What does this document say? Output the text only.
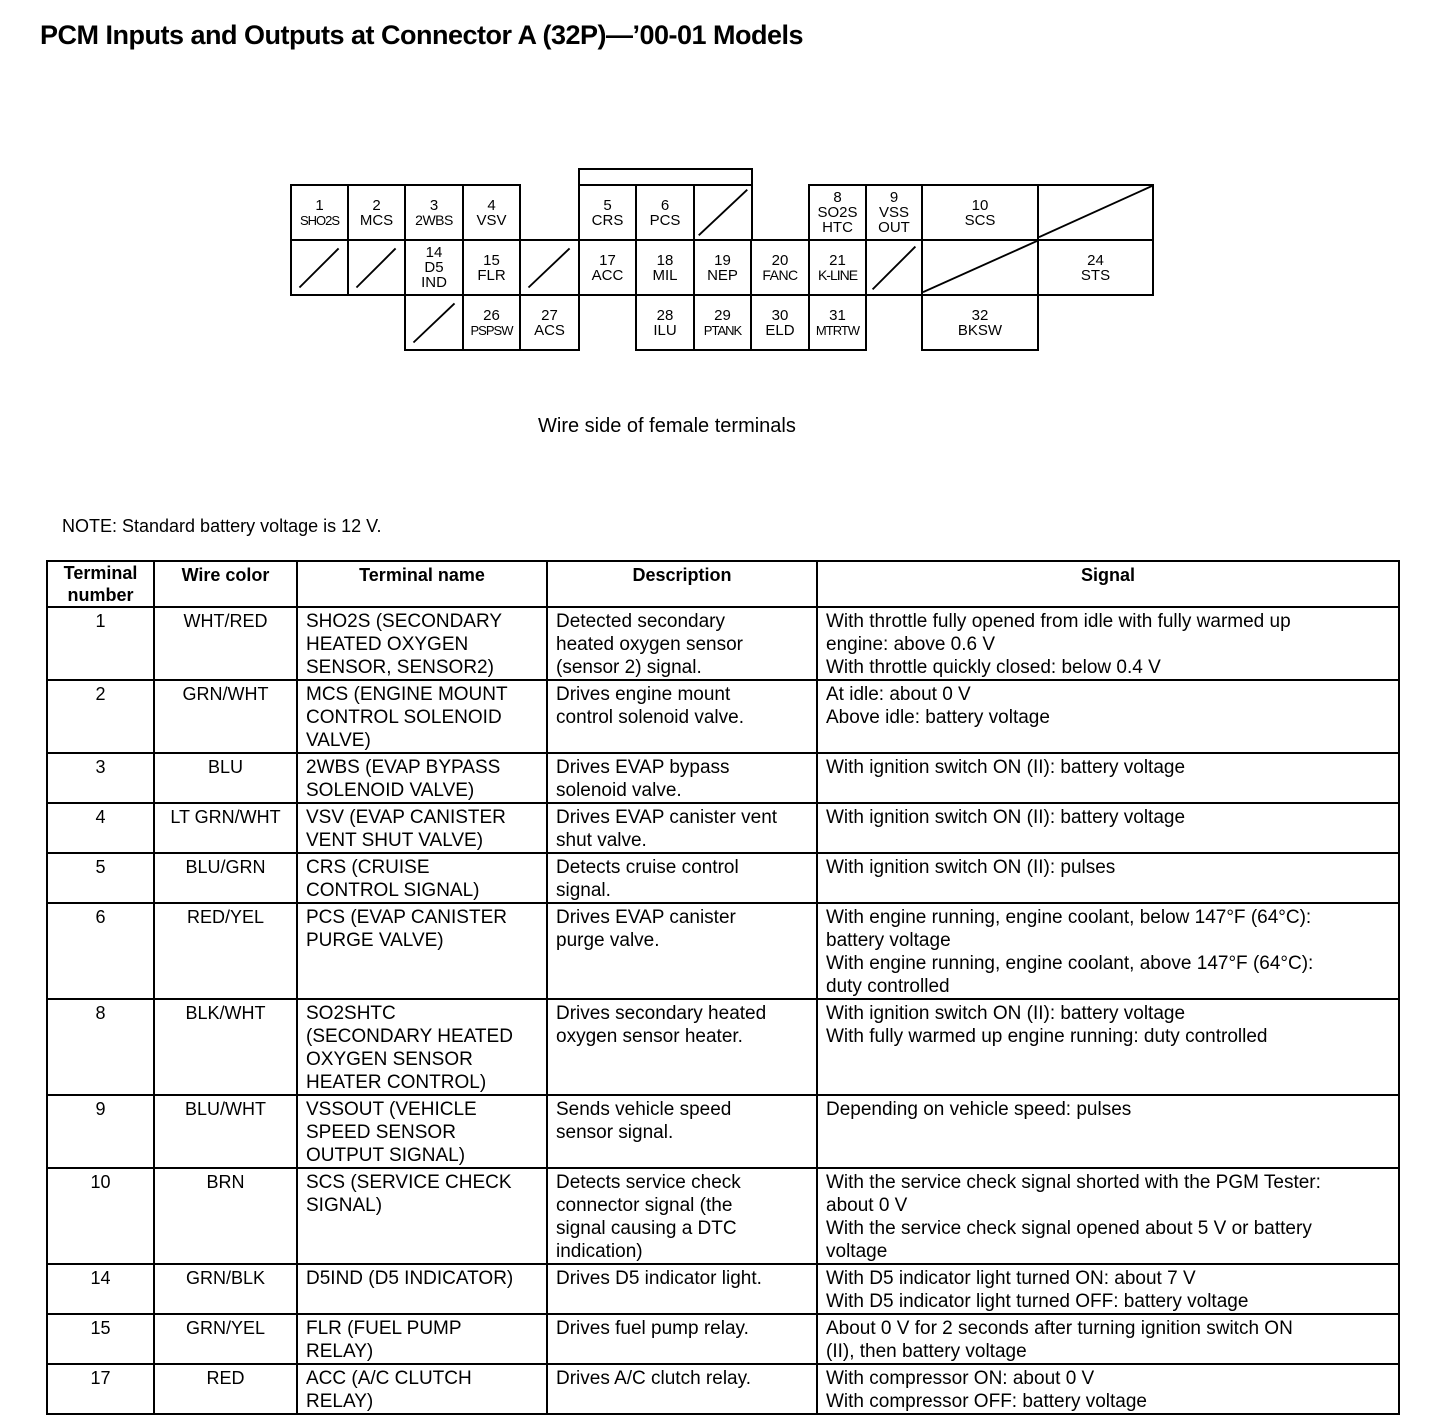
PCM Inputs and Outputs at Connector A (32P)—’00-01 Models
1
SHO2S
2
MCS
3
2WBS
4
VSV
5
CRS
6
PCS
8
SO2S HTC
9
VSS OUT
10
SCS
14
D5 IND
15
FLR
17
ACC
18
MIL
19
NEP
20
FANC
21
K-LINE
24
STS
26
PSPSW
27
ACS
28
ILU
29
PTANK
30
ELD
31
MTRTW
32
BKSW
Wire side of female terminals
NOTE: Standard battery voltage is 12 V.
Terminal number	Wire color	Terminal name	Description	Signal
1	WHT/RED	SHO2S (SECONDARY
HEATED OXYGEN
SENSOR, SENSOR2)	Detected secondary
heated oxygen sensor
(sensor 2) signal.	With throttle fully opened from idle with fully warmed up
engine: above 0.6 V
With throttle quickly closed: below 0.4 V

2	GRN/WHT	MCS (ENGINE MOUNT
CONTROL SOLENOID
VALVE)	Drives engine mount
control solenoid valve.	At idle: about 0 V
Above idle: battery voltage

3	BLU	2WBS (EVAP BYPASS
SOLENOID VALVE)	Drives EVAP bypass
solenoid valve.	With ignition switch ON (II): battery voltage

4	LT GRN/WHT	VSV (EVAP CANISTER
VENT SHUT VALVE)	Drives EVAP canister vent
shut valve.	With ignition switch ON (II): battery voltage

5	BLU/GRN	CRS (CRUISE
CONTROL SIGNAL)	Detects cruise control
signal.	With ignition switch ON (II): pulses

6	RED/YEL	PCS (EVAP CANISTER
PURGE VALVE)	Drives EVAP canister
purge valve.	With engine running, engine coolant, below 147°F (64°C):
battery voltage
With engine running, engine coolant, above 147°F (64°C):
duty controlled

8	BLK/WHT	SO2SHTC
(SECONDARY HEATED
OXYGEN SENSOR
HEATER CONTROL)	Drives secondary heated
oxygen sensor heater.	With ignition switch ON (II): battery voltage
With fully warmed up engine running: duty controlled

9	BLU/WHT	VSSOUT (VEHICLE
SPEED SENSOR
OUTPUT SIGNAL)	Sends vehicle speed
sensor signal.	Depending on vehicle speed: pulses

10	BRN	SCS (SERVICE CHECK
SIGNAL)	Detects service check
connector signal (the
signal causing a DTC
indication)	With the service check signal shorted with the PGM Tester:
about 0 V
With the service check signal opened about 5 V or battery
voltage

14	GRN/BLK	D5IND (D5 INDICATOR)	Drives D5 indicator light.	With D5 indicator light turned ON: about 7 V
With D5 indicator light turned OFF: battery voltage

15	GRN/YEL	FLR (FUEL PUMP
RELAY)	Drives fuel pump relay.	About 0 V for 2 seconds after turning ignition switch ON
(II), then battery voltage

17	RED	ACC (A/C CLUTCH
RELAY)	Drives A/C clutch relay.	With compressor ON: about 0 V
With compressor OFF: battery voltage
